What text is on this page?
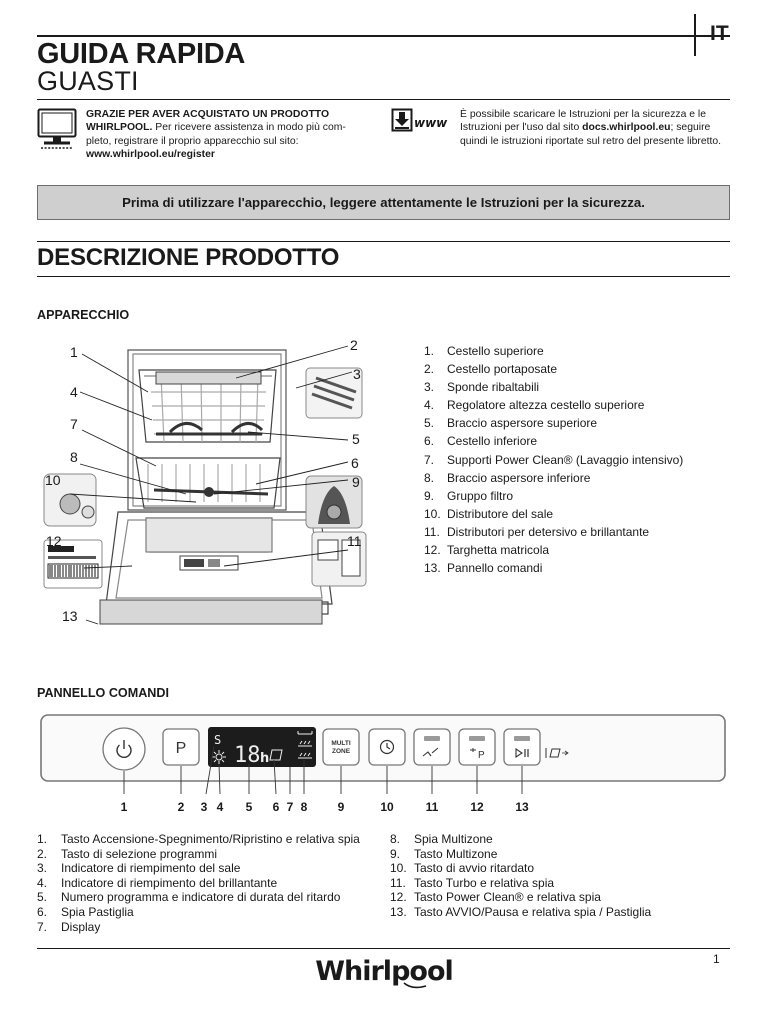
IT
GUIDA RAPIDA
GUASTI
GRAZIE PER AVER ACQUISTATO UN PRODOTTO
WHIRLPOOL. Per ricevere assistenza in modo più com-
pleto, registrare il proprio apparecchio sul sito:
www.whirlpool.eu/register
www
È possibile scaricare le Istruzioni per la sicurezza e le Istruzioni per l'uso dal sito docs.whirlpool.eu; seguire quindi le istruzioni riportate sul retro del presente libretto.
Prima di utilizzare l'apparecchio, leggere attentamente le Istruzioni per la sicurezza.
DESCRIZIONE PRODOTTO
APPARECCHIO
1	2
3
4
5
7
6
8
9
10
11
12
13
1.	Cestello superiore
2.	Cestello portaposate
3.	Sponde ribaltabili
4.	Regolatore altezza cestello superiore
5.	Braccio aspersore superiore
6.	Cestello inferiore
7.	Supporti Power Clean® (Lavaggio intensivo)
8.	Braccio aspersore inferiore
9.	Gruppo filtro
10. Distributore del sale
11. Distributori per detersivo e brillantante
12. Targhetta matricola
13. Pannello comandi
PANNELLO COMANDI
P S
18 h
MULTI
ZONE	P
1	2 3 4 5 6 7 8	9	10	11	12	13
1.	Tasto Accensione-Spegnimento/Ripristino e relativa spia
2.	Tasto di selezione programmi
3.	Indicatore di riempimento del sale
4.	Indicatore di riempimento del brillantante
5.	Numero programma e indicatore di durata del ritardo
6.	Spia Pastiglia
7.	Display
8.	Spia Multizone
9.	Tasto Multizone
10. Tasto di avvio ritardato
11. Tasto Turbo e relativa spia
12. Tasto Power Clean® e relativa spia
13. Tasto AVVIO/Pausa e relativa spia / Pastiglia
Whirlpool	1
